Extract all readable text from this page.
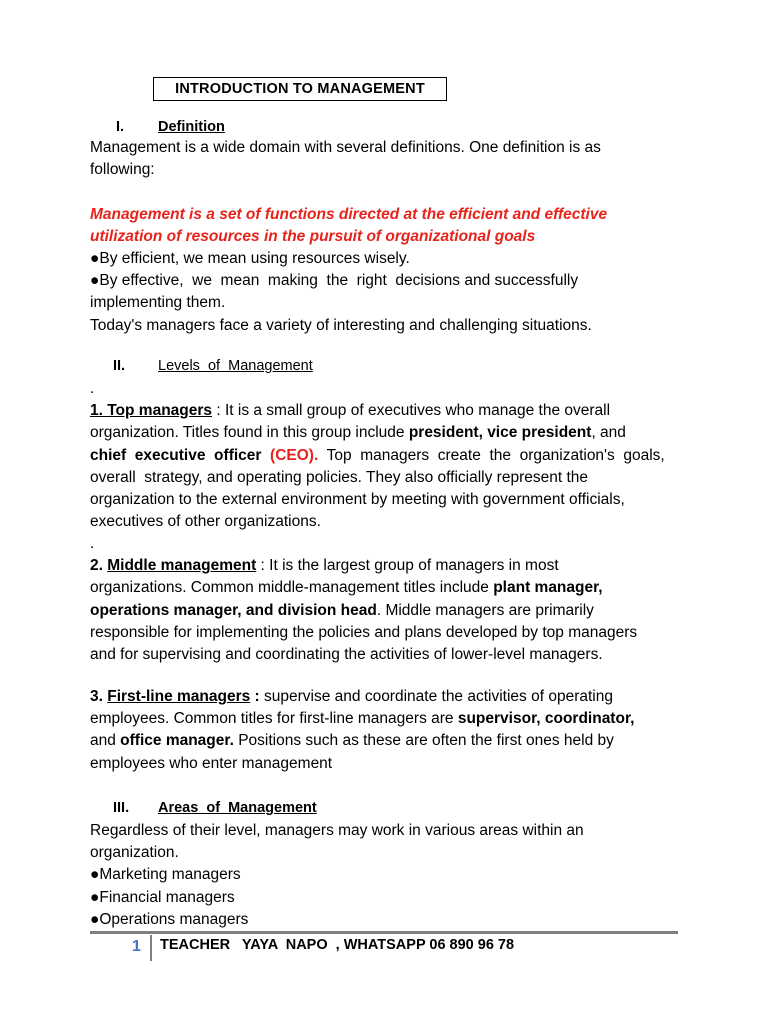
INTRODUCTION TO MANAGEMENT
I. Definition
Management is a wide domain with several definitions. One definition is as
following:
Management is a set of functions directed at the efficient and effective
utilization of resources in the pursuit of organizational goals
●By efficient, we mean using resources wisely.
●By effective,  we  mean  making  the  right  decisions and successfully
implementing them.
Today's managers face a variety of interesting and challenging situations.
II. Levels  of  Management
.
1. Top managers : It is a small group of executives who manage the overall
organization. Titles found in this group include president, vice president, and
chief  executive  officer  (CEO).  Top  managers  create  the  organization's  goals,
overall  strategy, and operating policies. They also officially represent the
organization to the external environment by meeting with government officials,
executives of other organizations.
.
2. Middle management : It is the largest group of managers in most
organizations. Common middle-management titles include plant manager,
operations manager, and division head. Middle managers are primarily
responsible for implementing the policies and plans developed by top managers
and for supervising and coordinating the activities of lower-level managers.
3. First-line managers : supervise and coordinate the activities of operating
employees. Common titles for first-line managers are supervisor, coordinator,
and office manager. Positions such as these are often the first ones held by
employees who enter management
III. Areas  of  Management
Regardless of their level, managers may work in various areas within an
organization.
●Marketing managers
●Financial managers
●Operations managers
1 TEACHER   YAYA  NAPO  , WHATSAPP 06 890 96 78
